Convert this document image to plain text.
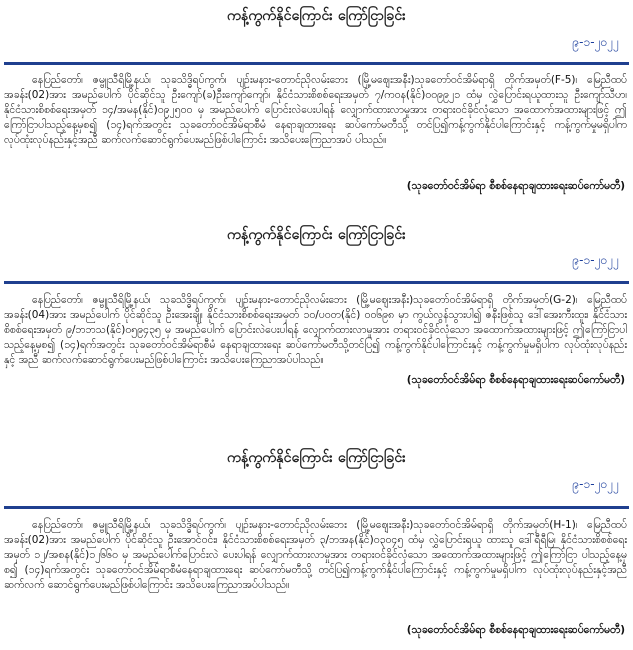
ကန့်ကွက်နိုင်ကြောင်း ကြော်ငြာခြင်း
၉-၁-၂၀၂၂
နေပြည်တော်၊ ဇမ္ဗူသီရိမြို့နယ်၊ သုခသိဒ္ဓိရပ်ကွက်၊ ပျဉ်းမနား-တောင်ညိုလမ်းဘေး (မြို့မဈေးအနီး)သုခတော်ဝင်အိမ်ရာရှိ တိုက်အမှတ်(F-5)၊ မြေညီထပ်အခန်း(02)အား အမည်ပေါက် ပိုင်ဆိုင်သူ ဦးကျော်(ခ)ဦးကျော်ကျော်၊ နိုင်ငံသားစိစစ်ရေးအမှတ် ၇/ကဝန(နိုင်)၀၀၉၉၂၁ ထံမှ လွှဲပြောင်းရယူထားသူ ဦးကျော်သီဟ၊ နိုင်ငံသားစိစစ်ရေးအမှတ် ၁၄/အမန(နိုင်)၀၉၂၅၀၀ မှ အမည်ပေါက် ပြောင်းလဲပေးပါရန် လျှောက်ထားလာမှုအား တရားဝင်ခိုင်လုံသော အထောက်အထားများဖြင့် ဤကြော်ငြာပါသည့်နေ့မှစ၍ (၁၄)ရက်အတွင်း သုခတော်ဝင်အိမ်ရာစီမံ နေရာချထားရေး ဆပ်ကော်မတီသို့ တင်ပြ၍ကန့်ကွက်နိုင်ပါကြောင်းနှင့် ကန့်ကွက်မှုမရှိပါက လုပ်ထုံးလုပ်နည်းနှင့်အညီ ဆက်လက်ဆောင်ရွက်ပေးမည်ဖြစ်ပါကြောင်း အသိပေးကြေညာအပ် ပါသည်။
(သုခတော်ဝင်အိမ်ရာ စီစစ်နေရာချထားရေးဆပ်ကော်မတီ)
ကန့်ကွက်နိုင်ကြောင်း ကြော်ငြာခြင်း
၉-၁-၂၀၂၂
နေပြည်တော်၊ ဇမ္ဗူသီရိမြို့နယ်၊ သုခသိဒ္ဓိရပ်ကွက်၊ ပျဉ်းမနား-တောင်ညိုလမ်းဘေး (မြို့မဈေးအနီး)သုခတော်ဝင်အိမ်ရာရှိ တိုက်အမှတ်(G-2)၊ မြေညီထပ်အခန်း(04)အား အမည်ပေါက် ပိုင်ဆိုင်သူ ဦးအေးချို၊ နိုင်ငံသားစိစစ်ရေးအမှတ် ၁၀/ပဝတ(နိုင်) ၀၀၆၉၈ မှာ ကွယ်လွန်သွားပါ၍ ဇနီးဖြစ်သူ ဒေါ်အေးကီးထူး၊ နိုင်ငံသားစိစစ်ရေးအမှတ် ၉/ဘဘသ(နိုင်)၀၅၉၄၃၅ မှ အမည်ပေါက် ပြောင်းလဲပေးပါရန် လျှောက်ထားလာမှုအား တရားဝင်ခိုင်လုံသော အထောက်အထားများဖြင့် ဤကြော်ငြာပါသည့်နေ့မှစ၍ (၁၄)ရက်အတွင်း သုခတော်ဝင်အိမ်ရာစီမံ နေရာချထားရေး ဆပ်ကော်မတီသို့တင်ပြ၍ ကန့်ကွက်နိုင်ပါကြောင်းနှင့် ကန့်ကွက်မှုမရှိပါက လုပ်ထုံးလုပ်နည်းနှင့် အညီ ဆက်လက်ဆောင်ရွက်ပေးမည်ဖြစ်ပါကြောင်း အသိပေးကြေညာအပ်ပါသည်။
(သုခတော်ဝင်အိမ်ရာ စီစစ်နေရာချထားရေးဆပ်ကော်မတီ)
ကန့်ကွက်နိုင်ကြောင်း ကြော်ငြာခြင်း
၉-၁-၂၀၂၂
နေပြည်တော်၊ ဇမ္ဗူသီရိမြို့နယ်၊ သုခသိဒ္ဓိရပ်ကွက်၊ ပျဉ်းမနား-တောင်ညိုလမ်းဘေး (မြို့မဈေးအနီး)သုခတော်ဝင်အိမ်ရာရှိ တိုက်အမှတ်(H-1)၊ မြေညီထပ်အခန်း(02)အား အမည်ပေါက် ပိုင်ဆိုင်သူ ဦးအောင်ဝင်း၊ နိုင်ငံသားစိစစ်ရေးအမှတ် ၃/ဘအန(နိုင်)၀၃၀၄၅ ထံမှ လွှဲပြောင်းရယူ ထားသူ ဒေါ်ရီရီမြ၊ နိုင်ငံသားစိစစ်ရေးအမှတ် ၁၂/အစန(နိုင်)၁၂၆၆၀ မှ အမည်ပေါက်ပြောင်းလဲ ပေးပါရန် လျှောက်ထားလာမှုအား တရားဝင်ခိုင်လုံသော အထောက်အထားများဖြင့် ဤကြော်ငြာ ပါသည့်နေ့မှစ၍ (၁၄)ရက်အတွင်း သုခတော်ဝင်အိမ်ရာစီမံနေရာချထားရေး ဆပ်ကော်မတီသို့ တင်ပြ၍ကန့်ကွက်နိုင်ပါကြောင်းနှင့် ကန့်ကွက်မှုမရှိပါက လုပ်ထုံးလုပ်နည်းနှင့်အညီ ဆက်လက် ဆောင်ရွက်ပေးမည်ဖြစ်ပါကြောင်း အသိပေးကြေညာအပ်ပါသည်။
(သုခတော်ဝင်အိမ်ရာ စီစစ်နေရာချထားရေးဆပ်ကော်မတီ)
